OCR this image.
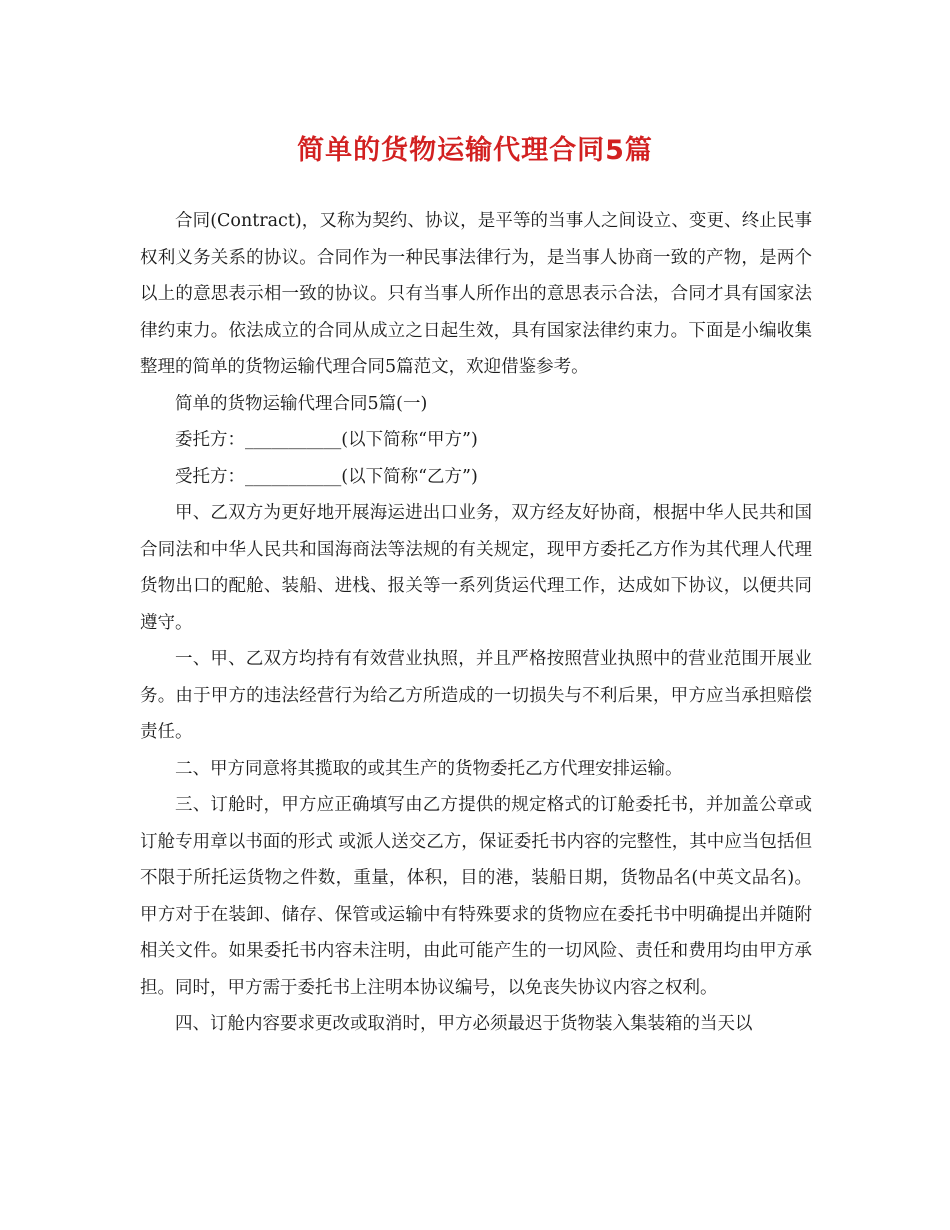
简单的货物运输代理合同5篇

合同(Contract)，又称为契约、协议，是平等的当事人之间设立、变更、终止民事权利义务关系的协议。合同作为一种民事法律行为，是当事人协商一致的产物，是两个以上的意思表示相一致的协议。只有当事人所作出的意思表示合法，合同才具有国家法律约束力。依法成立的合同从成立之日起生效，具有国家法律约束力。下面是小编收集整理的简单的货物运输代理合同5篇范文，欢迎借鉴参考。

简单的货物运输代理合同5篇(一)

委托方：___________(以下简称“甲方”)

受托方：___________(以下简称“乙方”)

甲、乙双方为更好地开展海运进出口业务，双方经友好协商，根据中华人民共和国合同法和中华人民共和国海商法等法规的有关规定，现甲方委托乙方作为其代理人代理货物出口的配舱、装船、进栈、报关等一系列货运代理工作，达成如下协议，以便共同遵守。

一、甲、乙双方均持有有效营业执照，并且严格按照营业执照中的营业范围开展业务。由于甲方的违法经营行为给乙方所造成的一切损失与不利后果，甲方应当承担赔偿责任。

二、甲方同意将其揽取的或其生产的货物委托乙方代理安排运输。

三、订舱时，甲方应正确填写由乙方提供的规定格式的订舱委托书，并加盖公章或订舱专用章以书面的形式 或派人送交乙方，保证委托书内容的完整性，其中应当包括但不限于所托运货物之件数，重量，体积，目的港，装船日期，货物品名(中英文品名)。甲方对于在装卸、储存、保管或运输中有特殊要求的货物应在委托书中明确提出并随附相关文件。如果委托书内容未注明，由此可能产生的一切风险、责任和费用均由甲方承担。同时，甲方需于委托书上注明本协议编号，以免丧失协议内容之权利。

四、订舱内容要求更改或取消时，甲方必须最迟于货物装入集装箱的当天以
